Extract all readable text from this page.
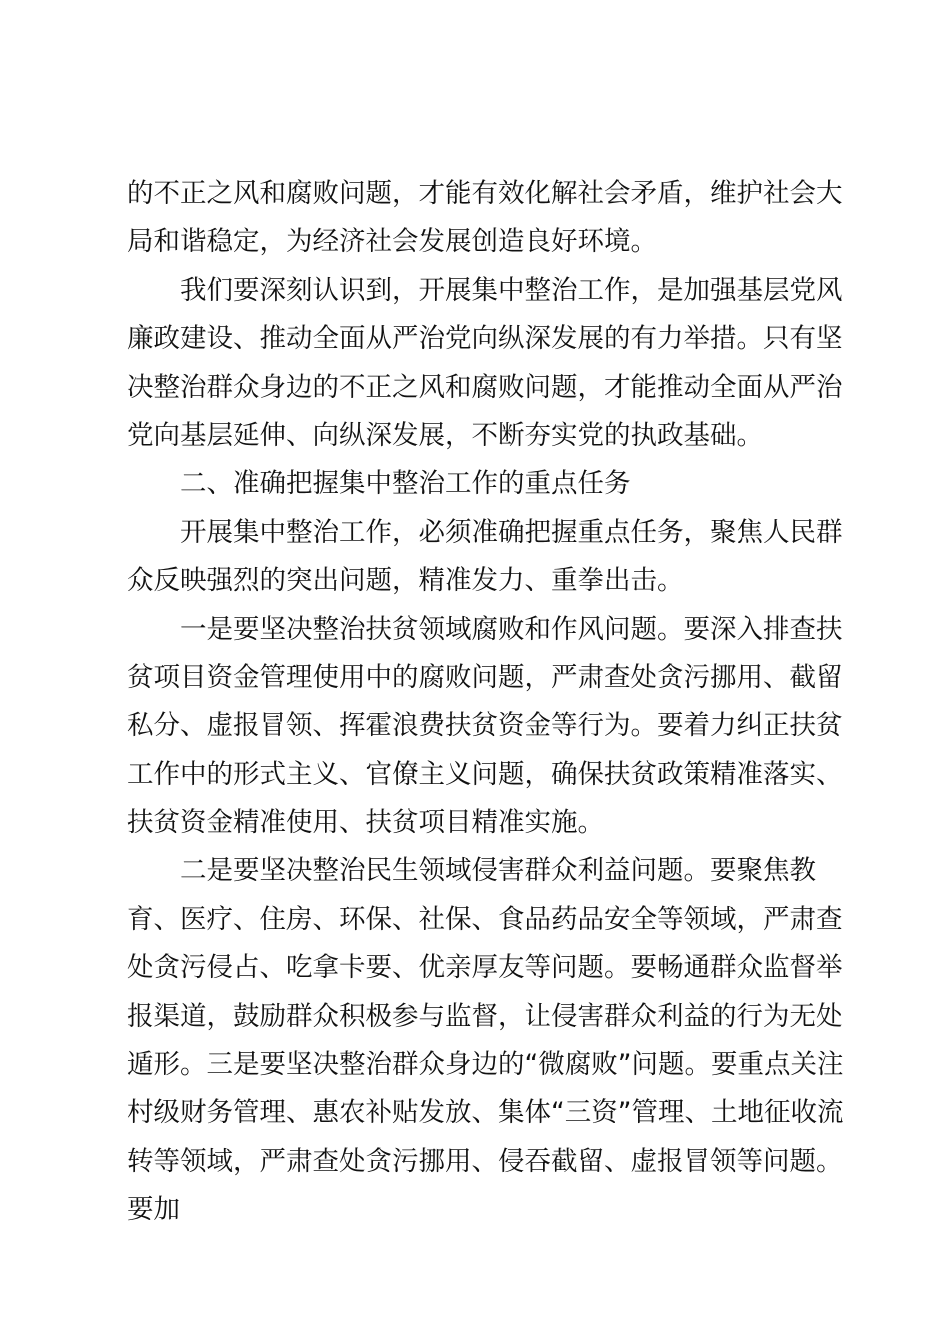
的不正之风和腐败问题，才能有效化解社会矛盾，维护社会大
局和谐稳定，为经济社会发展创造良好环境。
我们要深刻认识到，开展集中整治工作，是加强基层党风
廉政建设、推动全面从严治党向纵深发展的有力举措。只有坚
决整治群众身边的不正之风和腐败问题，才能推动全面从严治
党向基层延伸、向纵深发展，不断夯实党的执政基础。
二、准确把握集中整治工作的重点任务
开展集中整治工作，必须准确把握重点任务，聚焦人民群
众反映强烈的突出问题，精准发力、重拳出击。
一是要坚决整治扶贫领域腐败和作风问题。要深入排查扶
贫项目资金管理使用中的腐败问题，严肃查处贪污挪用、截留
私分、虚报冒领、挥霍浪费扶贫资金等行为。要着力纠正扶贫
工作中的形式主义、官僚主义问题，确保扶贫政策精准落实、
扶贫资金精准使用、扶贫项目精准实施。
二是要坚决整治民生领域侵害群众利益问题。要聚焦教
育、医疗、住房、环保、社保、食品药品安全等领域，严肃查
处贪污侵占、吃拿卡要、优亲厚友等问题。要畅通群众监督举
报渠道，鼓励群众积极参与监督，让侵害群众利益的行为无处
遁形。三是要坚决整治群众身边的“微腐败”问题。要重点关注
村级财务管理、惠农补贴发放、集体“三资”管理、土地征收流
转等领域，严肃查处贪污挪用、侵吞截留、虚报冒领等问题。
要加
